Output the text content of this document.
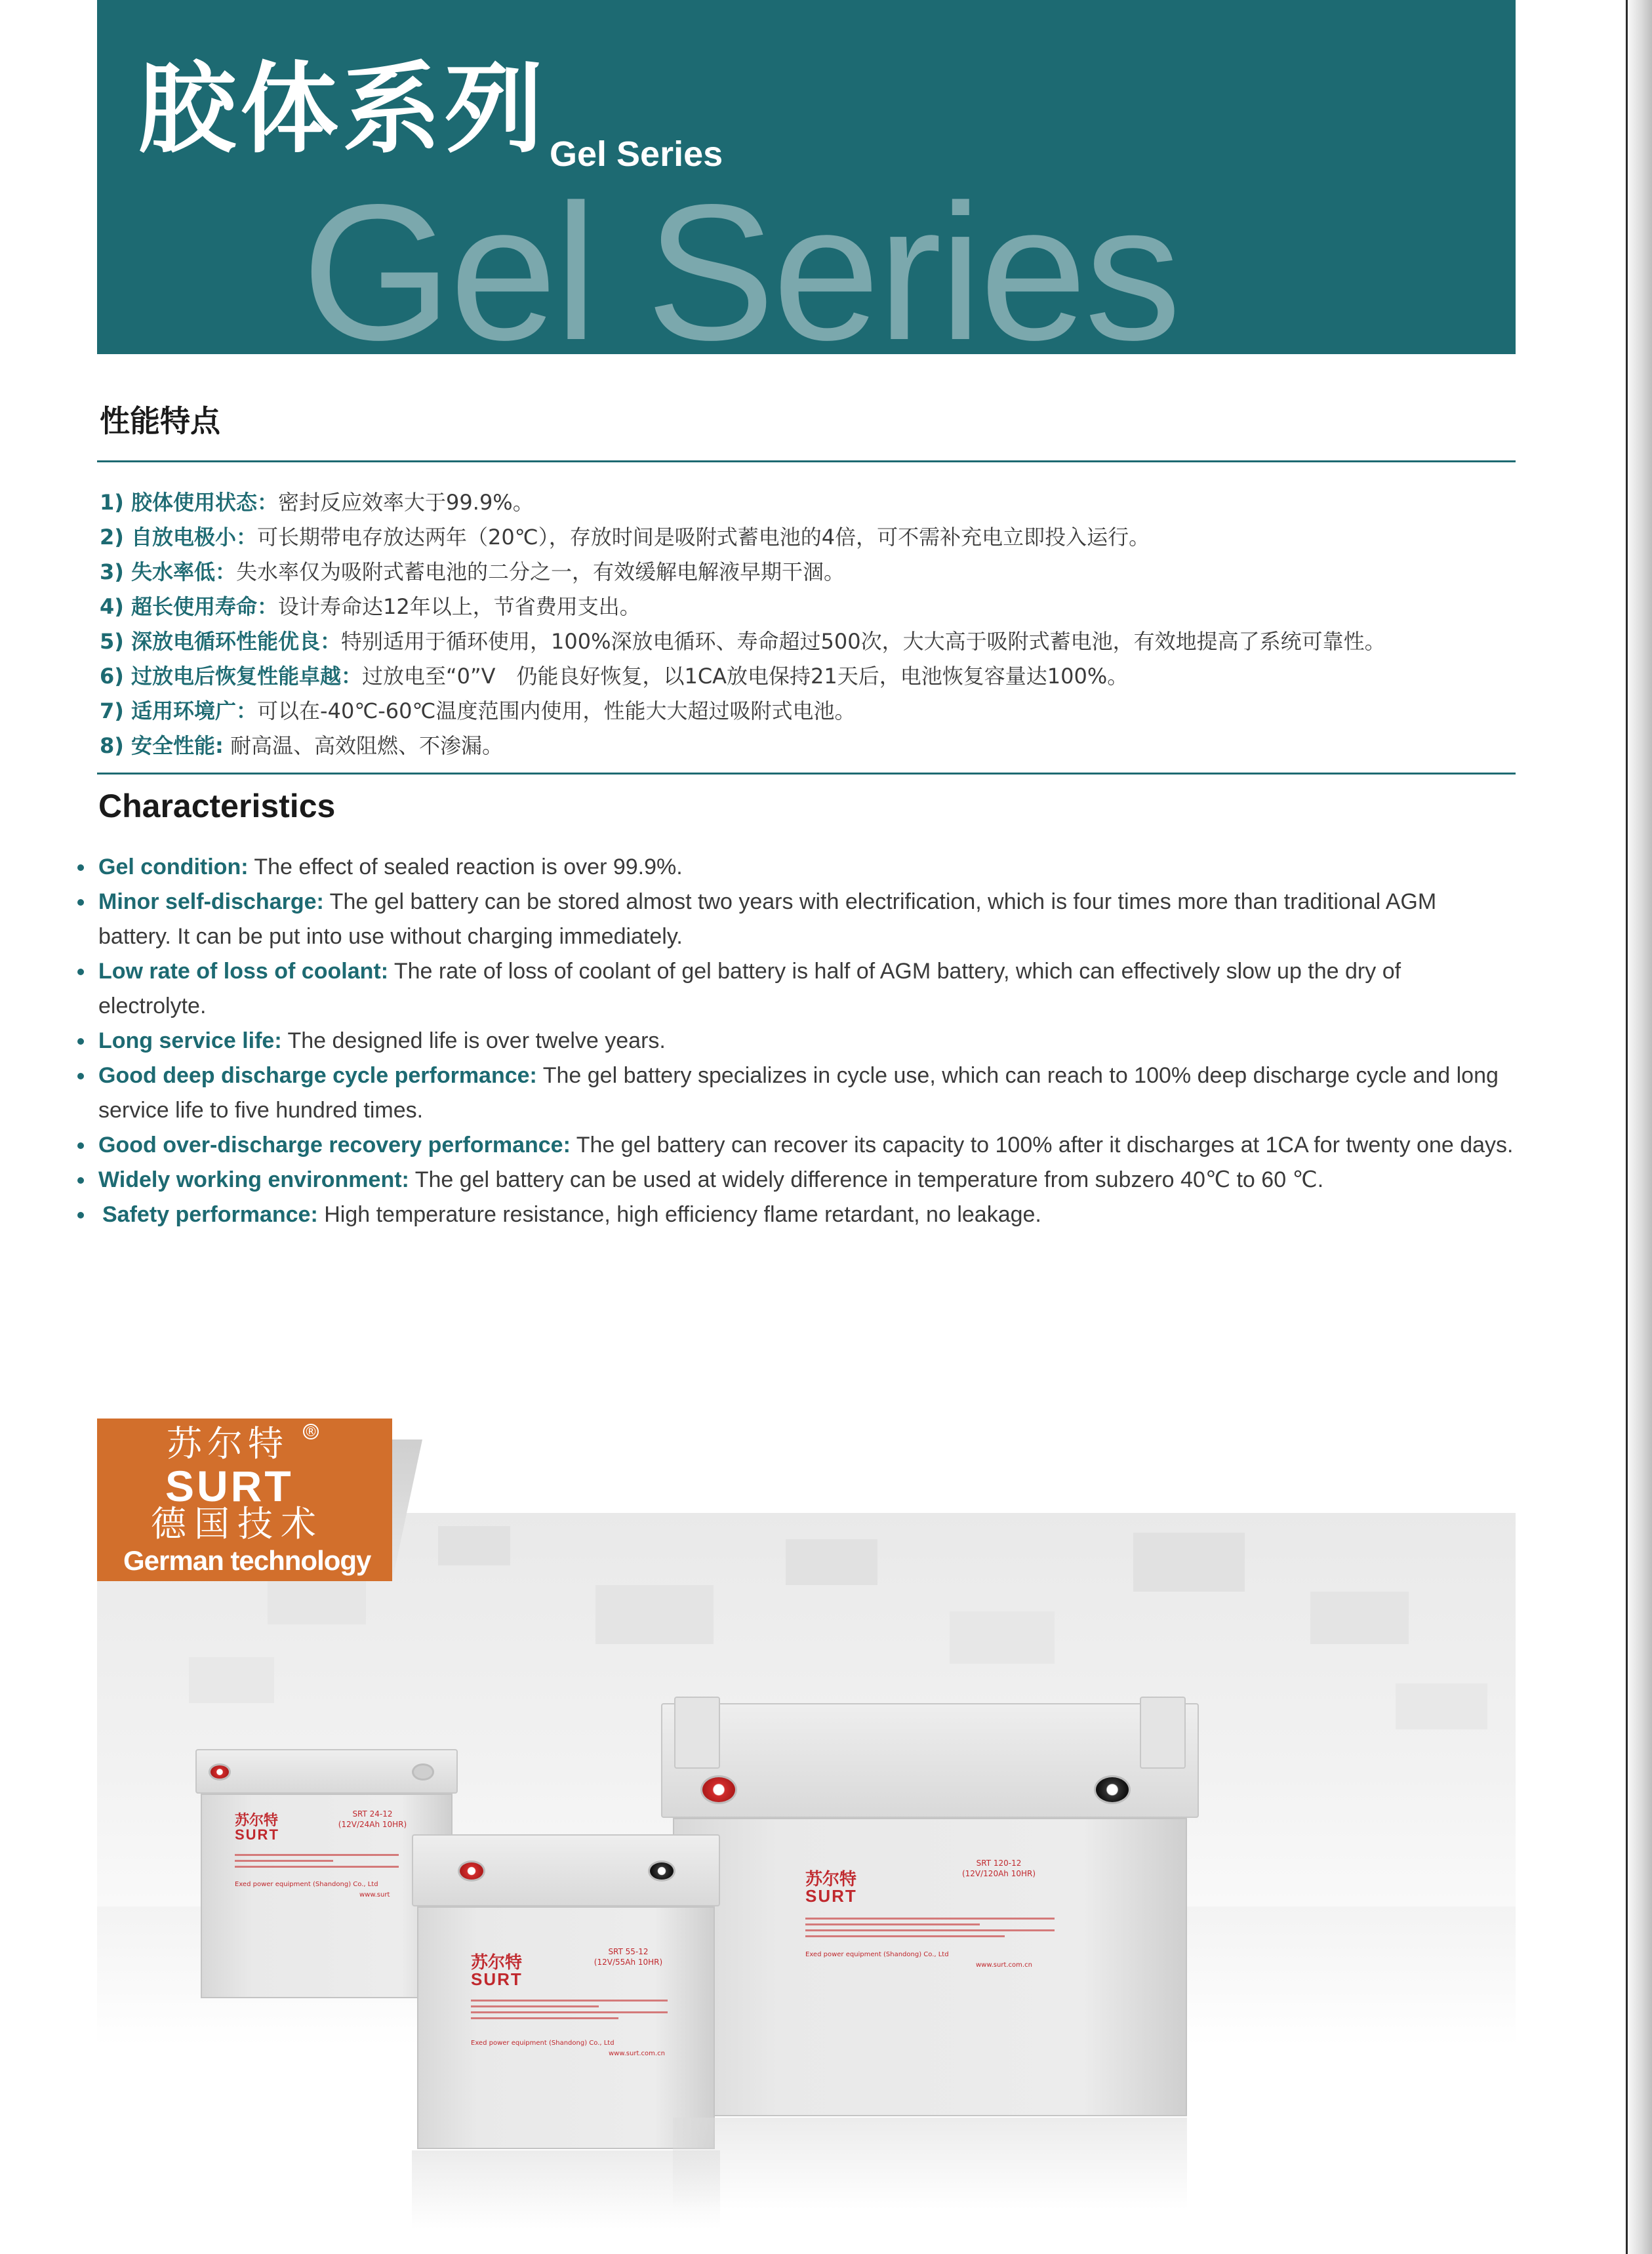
Gel Series
胶体系列 Gel Series
性能特点
1) 胶体使用状态：密封反应效率大于99.9%。
2) 自放电极小：可长期带电存放达两年（20℃），存放时间是吸附式蓄电池的4倍，可不需补充电立即投入运行。
3) 失水率低：失水率仅为吸附式蓄电池的二分之一，有效缓解电解液早期干涸。
4) 超长使用寿命：设计寿命达12年以上，节省费用支出。
5) 深放电循环性能优良：特别适用于循环使用，100%深放电循环、寿命超过500次，大大高于吸附式蓄电池，有效地提高了系统可靠性。
6) 过放电后恢复性能卓越：过放电至“0”V　仍能良好恢复，以1CA放电保持21天后，电池恢复容量达100%。
7) 适用环境广：可以在-40℃-60℃温度范围内使用，性能大大超过吸附式电池。
8) 安全性能: 耐高温、高效阻燃、不渗漏。
Characteristics
Gel condition: The effect of sealed reaction is over 99.9%.
Minor self-discharge: The gel battery can be stored almost two years with electrification, which is four times more than traditional AGM battery. It can be put into use without charging immediately.
Low rate of loss of coolant: The rate of loss of coolant of gel battery is half of AGM battery, which can effectively slow up the dry of electrolyte.
Long service life: The designed life is over twelve years.
Good deep discharge cycle performance: The gel battery specializes in cycle use, which can reach to 100% deep discharge cycle and long service life to five hundred times.
Good over-discharge recovery performance: The gel battery can recover its capacity to 100% after it discharges at 1CA for twenty one days.
Widely working environment: The gel battery can be used at widely difference in temperature from subzero 40℃ to 60 ℃.
Safety performance: High temperature resistance, high efficiency flame retardant, no leakage.
苏尔特
SURT
SRT 120-12
(12V/120Ah 10HR)
Exed power equipment (Shandong) Co., Ltd
www.surt.com.cn
苏尔特
SURT
SRT 24-12
(12V/24Ah 10HR)
Exed power equipment (Shandong) Co., Ltd
www.surt
苏尔特
SURT
SRT 55-12
(12V/55Ah 10HR)
Exed power equipment (Shandong) Co., Ltd
www.surt.com.cn
苏尔特 ®
SURT
德国技术
German technology
